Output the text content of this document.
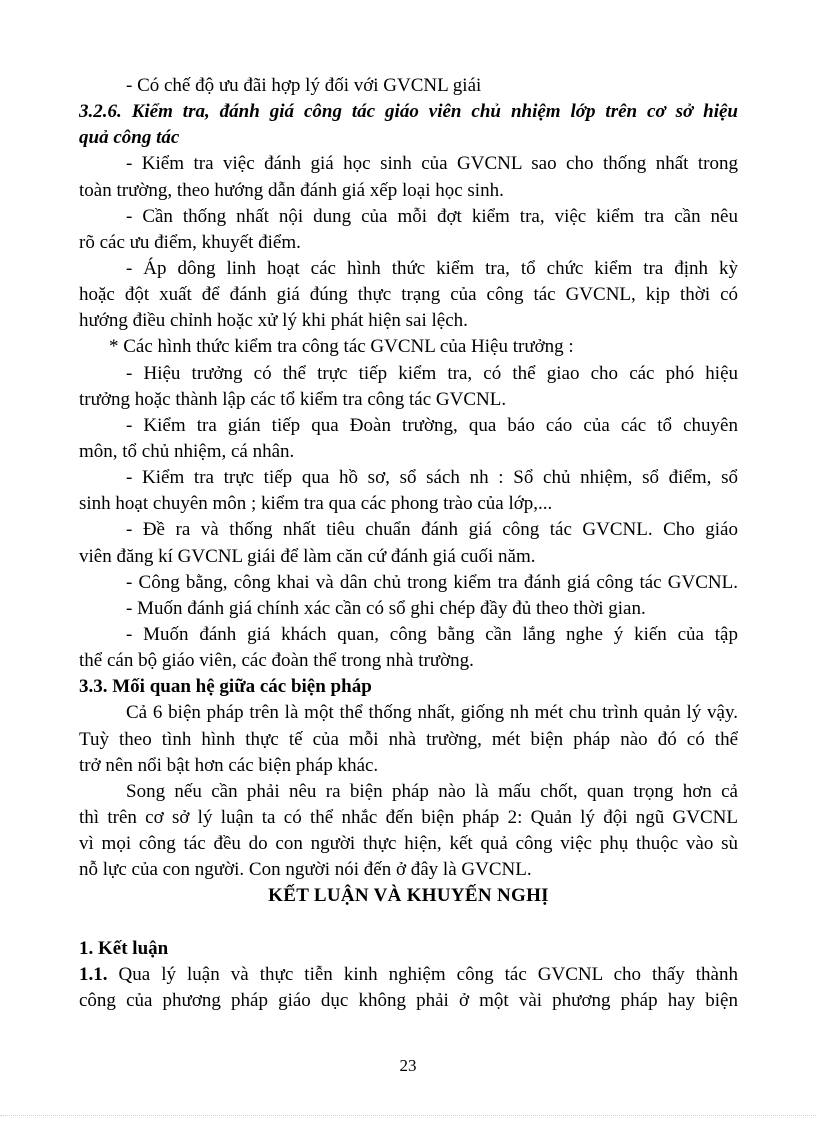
- Có chế độ ưu đãi hợp lý đối với GVCNL giái
3.2.6. Kiểm tra, đánh giá công tác giáo viên chủ nhiệm lớp trên cơ sở hiệu
quả công tác
- Kiểm tra việc đánh giá học sinh của GVCNL sao cho thống nhất trong
toàn trường, theo hướng dẫn đánh giá xếp loại học sinh.
- Cần thống nhất nội dung của mỗi đợt kiểm tra, việc kiểm tra cần nêu
rõ các ưu điểm, khuyết điểm.
- Áp dông linh hoạt các hình thức kiểm tra, tổ chức kiểm tra định kỳ
hoặc đột xuất để đánh giá đúng thực trạng của công tác GVCNL, kịp thời có
hướng điều chỉnh hoặc xử lý khi phát hiện sai lệch.
* Các hình thức kiểm tra công tác GVCNL của Hiệu trưởng :
- Hiệu trưởng có thể trực tiếp kiểm tra, có thể giao cho các phó hiệu
trưởng hoặc thành lập các tổ kiểm tra công tác GVCNL.
- Kiểm tra gián tiếp qua Đoàn trường, qua báo cáo của các tổ chuyên
môn, tổ chủ nhiệm, cá nhân.
- Kiểm tra trực tiếp qua hồ sơ, sổ sách nh : Sổ chủ nhiệm, sổ điểm, sổ
sinh hoạt chuyên môn ; kiểm tra qua các phong trào của lớp,...
- Đề ra và thống nhất tiêu chuẩn đánh giá công tác GVCNL. Cho giáo
viên đăng kí GVCNL giái để làm căn cứ đánh giá cuối năm.
- Công bằng, công khai và dân chủ trong kiểm tra đánh giá công tác GVCNL.
- Muốn đánh giá chính xác cần có sổ ghi chép đầy đủ theo thời gian.
- Muốn đánh giá khách quan, công bằng cần lắng nghe ý kiến của tập
thể cán bộ giáo viên, các đoàn thể trong nhà trường.
3.3. Mối quan hệ giữa các biện pháp
Cả 6 biện pháp trên là một thể thống nhất, giống nh mét chu trình quản lý vậy.
Tuỳ theo tình hình thực tế của mỗi nhà trường, mét biện pháp nào đó có thể
trở nên nổi bật hơn các biện pháp khác.
Song nếu cần phải nêu ra biện pháp nào là mấu chốt, quan trọng hơn cả
thì trên cơ sở lý luận ta có thể nhắc đến biện pháp 2: Quản lý đội ngũ GVCNL
vì mọi công tác đều do con người thực hiện, kết quả công việc phụ thuộc vào sù
nỗ lực của con người. Con người nói đến ở đây là GVCNL.
KẾT LUẬN VÀ KHUYẾN NGHỊ
1. Kết luận
1.1. Qua lý luận và thực tiễn kinh nghiệm công tác GVCNL cho thấy thành
công của phương pháp giáo dục không phải ở một vài phương pháp hay biện
23
